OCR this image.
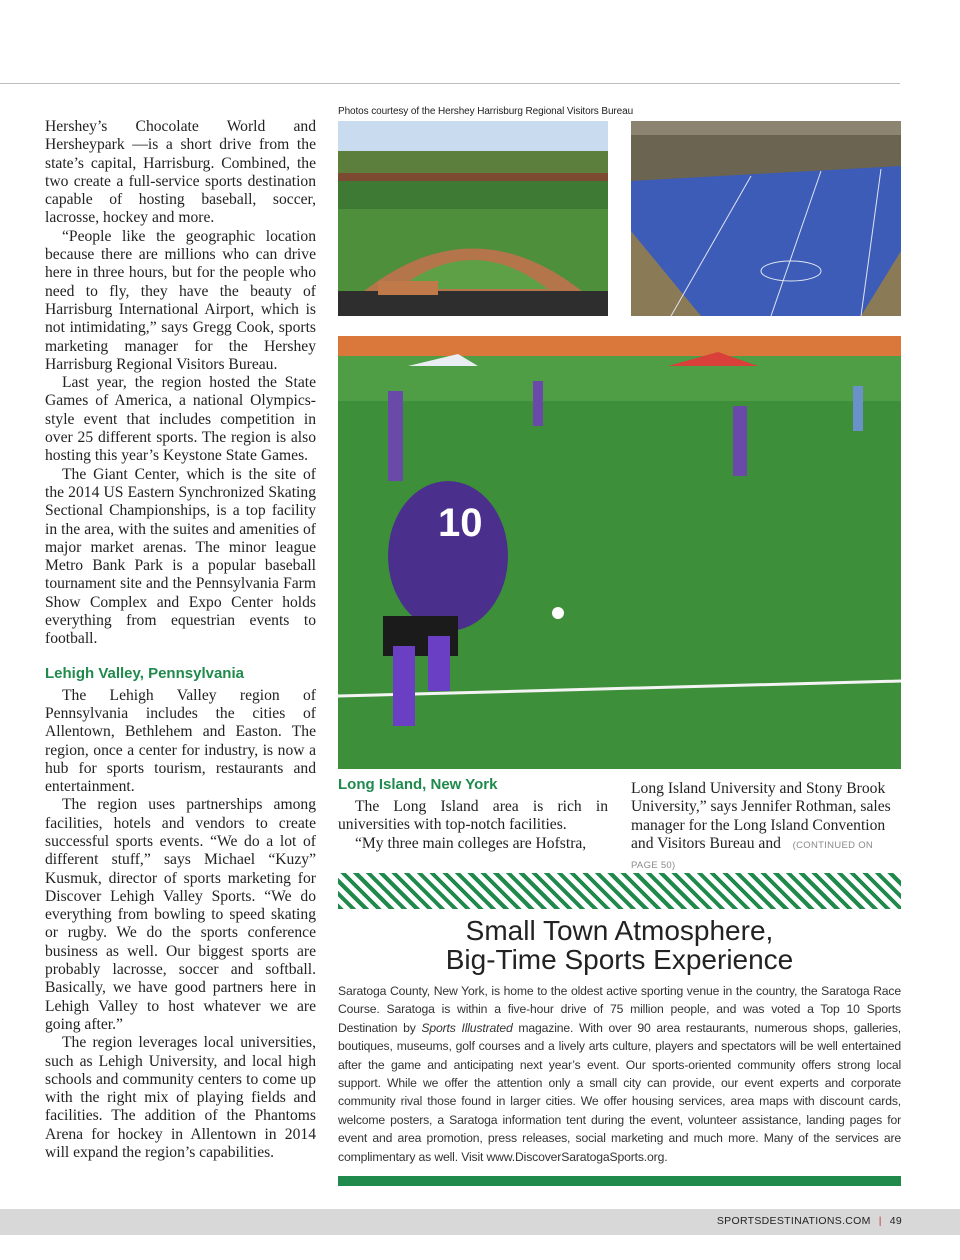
Hershey’s Chocolate World and Hersheypark —is a short drive from the state’s capital, Harrisburg. Combined, the two create a full-service sports destination capable of hosting baseball, soccer, lacrosse, hockey and more.

“People like the geographic location because there are millions who can drive here in three hours, but for the people who need to fly, they have the beauty of Harrisburg International Airport, which is not intimidating,” says Gregg Cook, sports marketing manager for the Hershey Harrisburg Regional Visitors Bureau.

Last year, the region hosted the State Games of America, a national Olympics-style event that includes competition in over 25 different sports. The region is also hosting this year’s Keystone State Games.

The Giant Center, which is the site of the 2014 US Eastern Synchronized Skating Sectional Championships, is a top facility in the area, with the suites and amenities of major market arenas. The minor league Metro Bank Park is a popular baseball tournament site and the Pennsylvania Farm Show Complex and Expo Center holds everything from equestrian events to football.

Lehigh Valley, Pennsylvania

The Lehigh Valley region of Pennsylvania includes the cities of Allentown, Bethlehem and Easton. The region, once a center for industry, is now a hub for sports tourism, restaurants and entertainment.

The region uses partnerships among facilities, hotels and vendors to create successful sports events. “We do a lot of different stuff,” says Michael “Kuzy” Kusmuk, director of sports marketing for Discover Lehigh Valley Sports. “We do everything from bowling to speed skating or rugby. We do the sports conference business as well. Our biggest sports are probably lacrosse, soccer and softball. Basically, we have good partners here in Lehigh Valley to host whatever we are going after.”

The region leverages local universities, such as Lehigh University, and local high schools and community centers to come up with the right mix of playing fields and facilities. The addition of the Phantoms Arena for hockey in Allentown in 2014 will expand the region’s capabilities.

Photos courtesy of the Hershey Harrisburg Regional Visitors Bureau
10
Long Island, New York

The Long Island area is rich in universities with top-notch facilities.

“My three main colleges are Hofstra,

Long Island University and Stony Brook University,” says Jennifer Rothman, sales manager for the Long Island Convention and Visitors Bureau and (CONTINUED ON PAGE 50)

Small Town Atmosphere,
Big-Time Sports Experience

Saratoga County, New York, is home to the oldest active sporting venue in the country, the Saratoga Race Course. Saratoga is within a five-hour drive of 75 million people, and was voted a Top 10 Sports Destination by Sports Illustrated magazine. With over 90 area restaurants, numerous shops, galleries, boutiques, museums, golf courses and a lively arts culture, players and spectators will be well entertained after the game and anticipating next year’s event. Our sports-oriented community offers strong local support. While we offer the attention only a small city can provide, our event experts and corporate community rival those found in larger cities. We offer housing services, area maps with discount cards, welcome posters, a Saratoga information tent during the event, volunteer assistance, landing pages for event and area promotion, press releases, social marketing and much more. Many of the services are complimentary as well. Visit www.DiscoverSaratogaSports.org.

SPORTSDESTINATIONS.COM | 49
